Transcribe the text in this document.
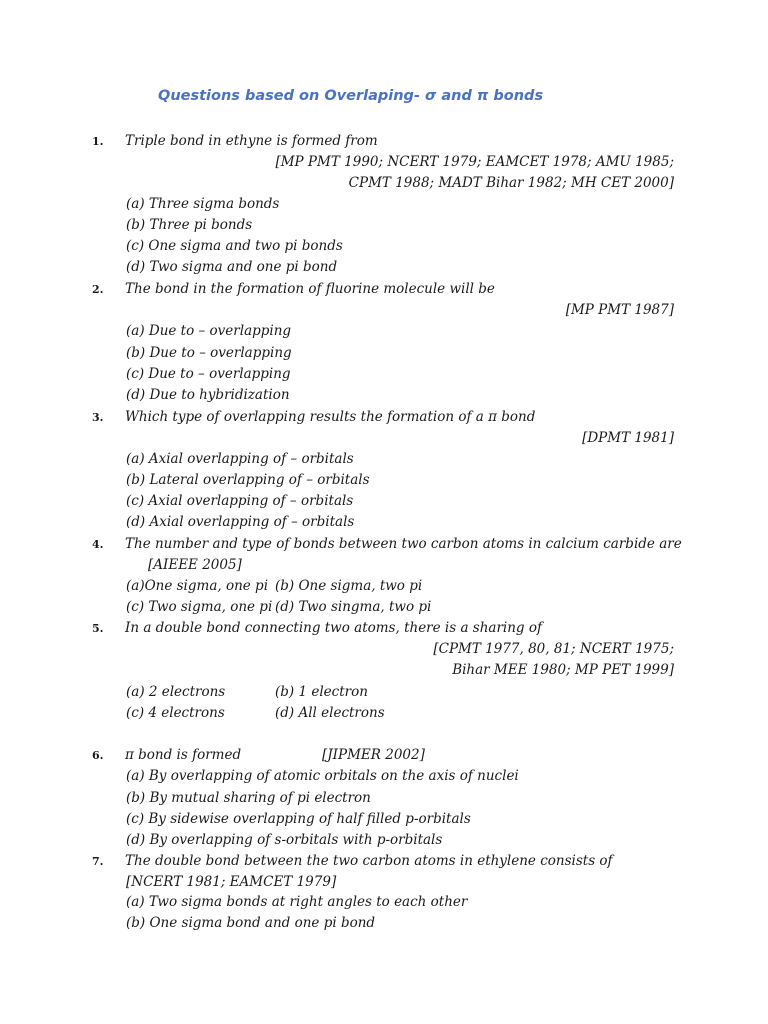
Questions based on Overlaping- σ and π bonds
1. Triple bond in ethyne is formed from
[MP PMT 1990; NCERT 1979; EAMCET 1978; AMU 1985;
CPMT 1988; MADT Bihar 1982; MH CET 2000]
(a) Three sigma bonds
(b) Three pi bonds
(c) One sigma and two pi bonds
(d) Two sigma and one pi bond
2. The bond in the formation of fluorine molecule will be
[MP PMT 1987]
(a) Due to – overlapping
(b) Due to – overlapping
(c) Due to – overlapping
(d) Due to hybridization
3. Which type of overlapping results the formation of a π bond
[DPMT 1981]
(a) Axial overlapping of – orbitals
(b) Lateral overlapping of – orbitals
(c) Axial overlapping of – orbitals
(d) Axial overlapping of – orbitals
4. The number and type of bonds between two carbon atoms in calcium carbide are
[AIEEE 2005]
(a)One sigma, one pi (b) One sigma, two pi
(c) Two sigma, one pi (d) Two singma, two pi
5. In a double bond connecting two atoms, there is a sharing of
[CPMT 1977, 80, 81; NCERT 1975;
Bihar MEE 1980; MP PET 1999]
(a) 2 electrons	(b) 1 electron
(c) 4 electrons	(d) All electrons
6. π bond is formed	[JIPMER 2002]
(a) By overlapping of atomic orbitals on the axis of nuclei
(b) By mutual sharing of pi electron
(c) By sidewise overlapping of half filled p-orbitals
(d) By overlapping of s-orbitals with p-orbitals
7. The double bond between the two carbon atoms in ethylene consists of
[NCERT 1981; EAMCET 1979]
(a) Two sigma bonds at right angles to each other
(b) One sigma bond and one pi bond
